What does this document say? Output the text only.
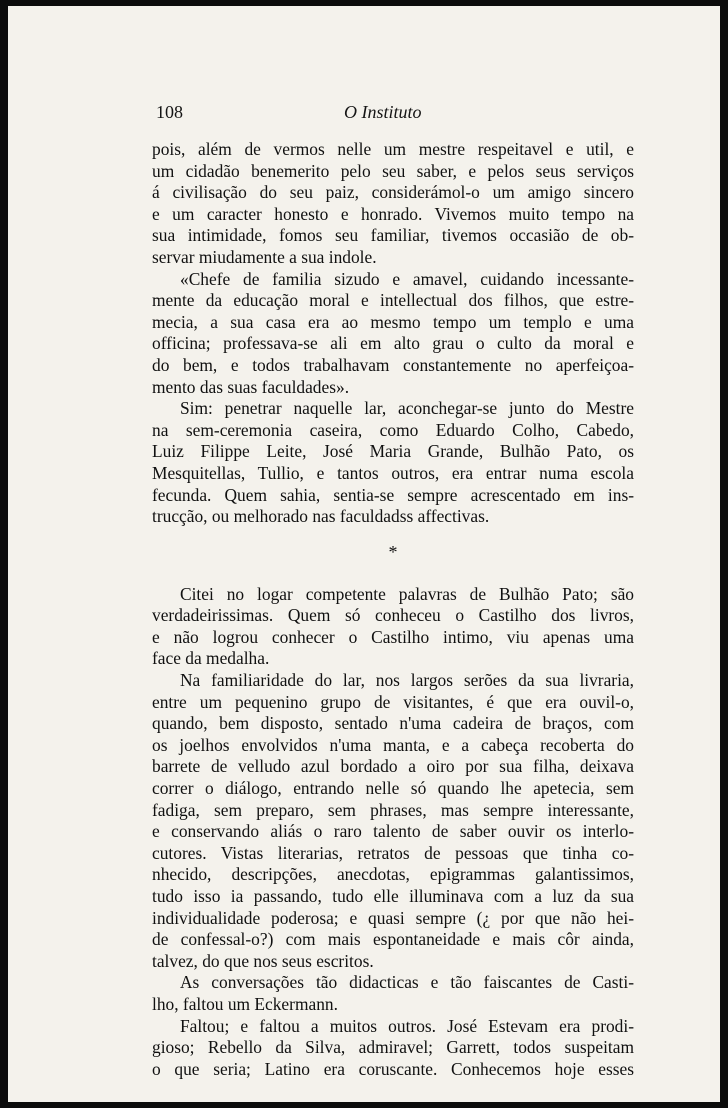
108	O Instituto

pois, além de vermos nelle um mestre respeitavel e util, e

um cidadão benemerito pelo seu saber, e pelos seus serviços

á civilisação do seu paiz, considerámol-o um amigo sincero

e um caracter honesto e honrado. Vivemos muito tempo na

sua intimidade, fomos seu familiar, tivemos occasião de ob-

servar miudamente a sua indole.

«Chefe de familia sizudo e amavel, cuidando incessante-

mente da educação moral e intellectual dos filhos, que estre-

mecia, a sua casa era ao mesmo tempo um templo e uma

officina; professava-se ali em alto grau o culto da moral e

do bem, e todos trabalhavam constantemente no aperfeiçoa-

mento das suas faculdades».

Sim: penetrar naquelle lar, aconchegar-se junto do Mestre

na sem-ceremonia caseira, como Eduardo Colho, Cabedo,

Luiz Filippe Leite, José Maria Grande, Bulhão Pato, os

Mesquitellas, Tullio, e tantos outros, era entrar numa escola

fecunda. Quem sahia, sentia-se sempre acrescentado em ins-

trucção, ou melhorado nas faculdadss affectivas.

*

Citei no logar competente palavras de Bulhão Pato; são

verdadeirissimas. Quem só conheceu o Castilho dos livros,

e não logrou conhecer o Castilho intimo, viu apenas uma

face da medalha.

Na familiaridade do lar, nos largos serões da sua livraria,

entre um pequenino grupo de visitantes, é que era ouvil-o,

quando, bem disposto, sentado n'uma cadeira de braços, com

os joelhos envolvidos n'uma manta, e a cabeça recoberta do

barrete de velludo azul bordado a oiro por sua filha, deixava

correr o diálogo, entrando nelle só quando lhe apetecia, sem

fadiga, sem preparo, sem phrases, mas sempre interessante,

e conservando aliás o raro talento de saber ouvir os interlo-

cutores. Vistas literarias, retratos de pessoas que tinha co-

nhecido, descripções, anecdotas, epigrammas galantissimos,

tudo isso ia passando, tudo elle illuminava com a luz da sua

individualidade poderosa; e quasi sempre (¿ por que não hei-

de confessal-o?) com mais espontaneidade e mais côr ainda,

talvez, do que nos seus escritos.

As conversações tão didacticas e tão faiscantes de Casti-

lho, faltou um Eckermann.

Faltou; e faltou a muitos outros. José Estevam era prodi-

gioso; Rebello da Silva, admiravel; Garrett, todos suspeitam

o que seria; Latino era coruscante. Conhecemos hoje esses
